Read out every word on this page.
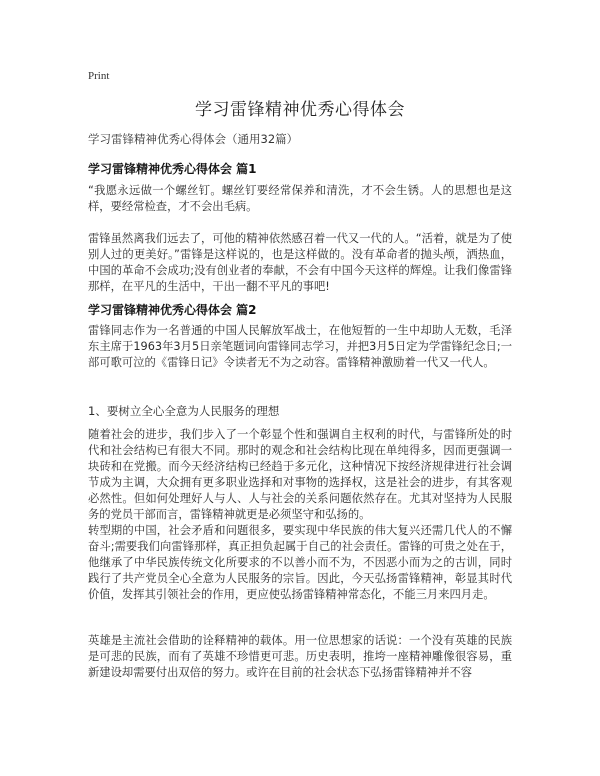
Print
学习雷锋精神优秀心得体会
学习雷锋精神优秀心得体会（通用32篇）
学习雷锋精神优秀心得体会 篇1
“我愿永远做一个螺丝钉。螺丝钉要经常保养和清洗，才不会生锈。人的思想也是这样，要经常检查，才不会出毛病。
雷锋虽然离我们远去了，可他的精神依然感召着一代又一代的人。“活着，就是为了使别人过的更美好。”雷锋是这样说的，也是这样做的。没有革命者的抛头颅，洒热血，中国的革命不会成功;没有创业者的奉献，不会有中国今天这样的辉煌。让我们像雷锋那样，在平凡的生活中，干出一翻不平凡的事吧!
学习雷锋精神优秀心得体会 篇2
雷锋同志作为一名普通的中国人民解放军战士，在他短暂的一生中却助人无数，毛泽东主席于1963年3月5日亲笔题词向雷锋同志学习，并把3月5日定为学雷锋纪念日;一部可歌可泣的《雷锋日记》令读者无不为之动容。雷锋精神激励着一代又一代人。
1、要树立全心全意为人民服务的理想
随着社会的进步，我们步入了一个彰显个性和强调自主权利的时代，与雷锋所处的时代和社会结构已有很大不同。那时的观念和社会结构比现在单纯得多，因而更强调一块砖和在党搬。而今天经济结构已经趋于多元化，这种情况下按经济规律进行社会调节成为主调，大众拥有更多职业选择和对事物的选择权，这是社会的进步，有其客观必然性。但如何处理好人与人、人与社会的关系问题依然存在。尤其对坚持为人民服务的党员干部而言，雷锋精神就更是必须坚守和弘扬的。
转型期的中国，社会矛盾和问题很多，要实现中华民族的伟大复兴还需几代人的不懈奋斗;需要我们向雷锋那样，真正担负起属于自己的社会责任。雷锋的可贵之处在于，他继承了中华民族传统文化所要求的不以善小而不为，不因恶小而为之的古训，同时践行了共产党员全心全意为人民服务的宗旨。因此，今天弘扬雷锋精神，彰显其时代价值，发挥其引领社会的作用，更应使弘扬雷锋精神常态化，不能三月来四月走。
英雄是主流社会借助的诠释精神的载体。用一位思想家的话说：一个没有英雄的民族是可悲的民族，而有了英雄不珍惜更可悲。历史表明，推垮一座精神雕像很容易，重新建设却需要付出双倍的努力。或许在目前的社会状态下弘扬雷锋精神并不容
